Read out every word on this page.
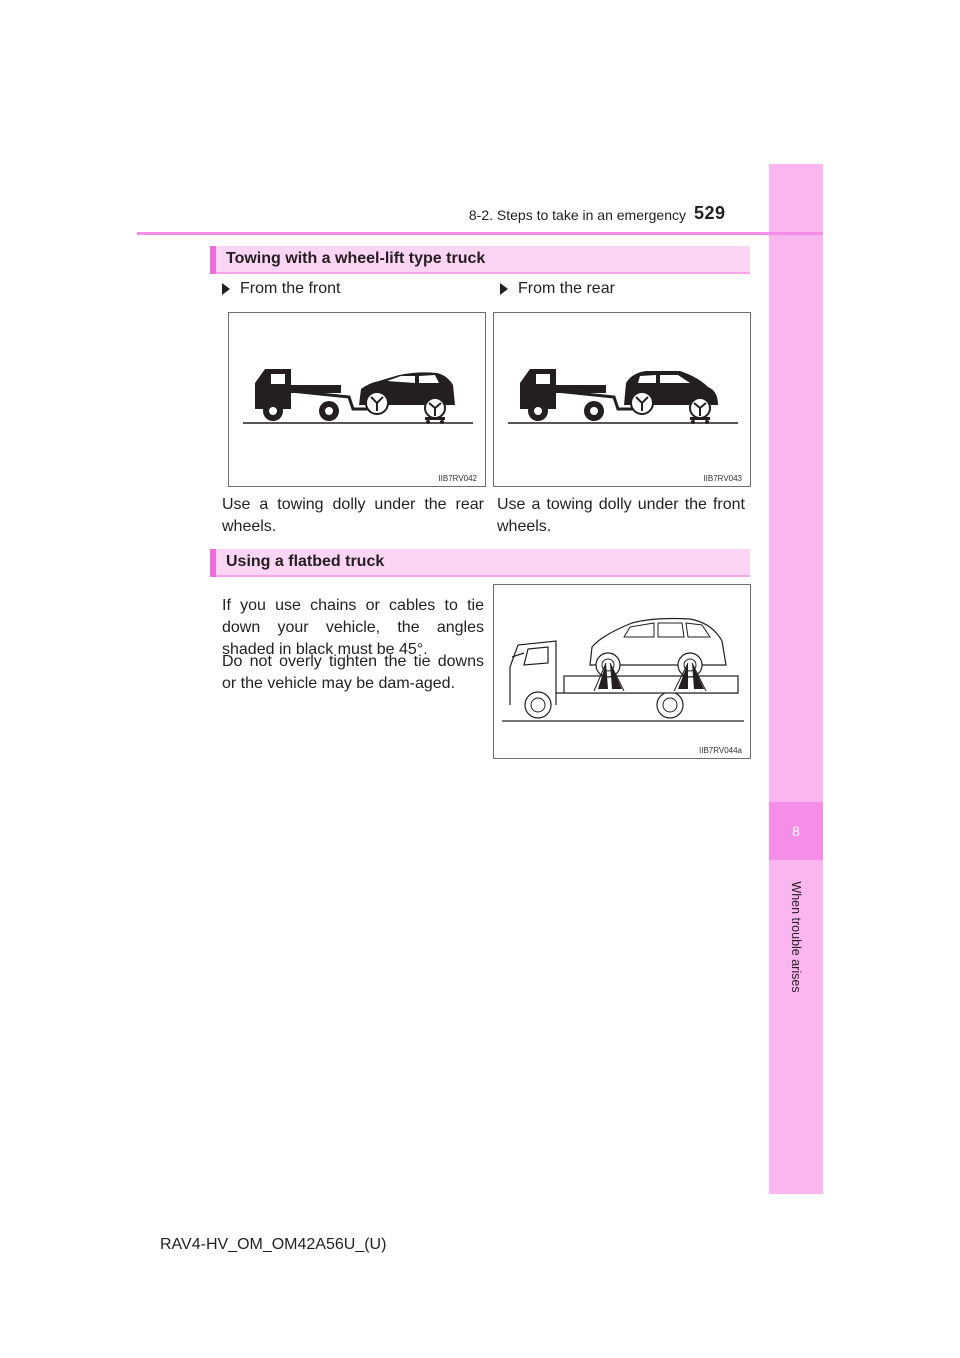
8
When trouble arises
8-2. Steps to take in an emergency 529
Towing with a wheel-lift type truck
From the front	From the rear
IIB7RV042	IIB7RV043
Use a towing dolly under the rear wheels.
Use a towing dolly under the front wheels.
Using a flatbed truck
If you use chains or cables to tie down your vehicle, the angles shaded in black must be 45°.
Do not overly tighten the tie downs or the vehicle may be dam-aged.
IIB7RV044a
RAV4-HV_OM_OM42A56U_(U)
